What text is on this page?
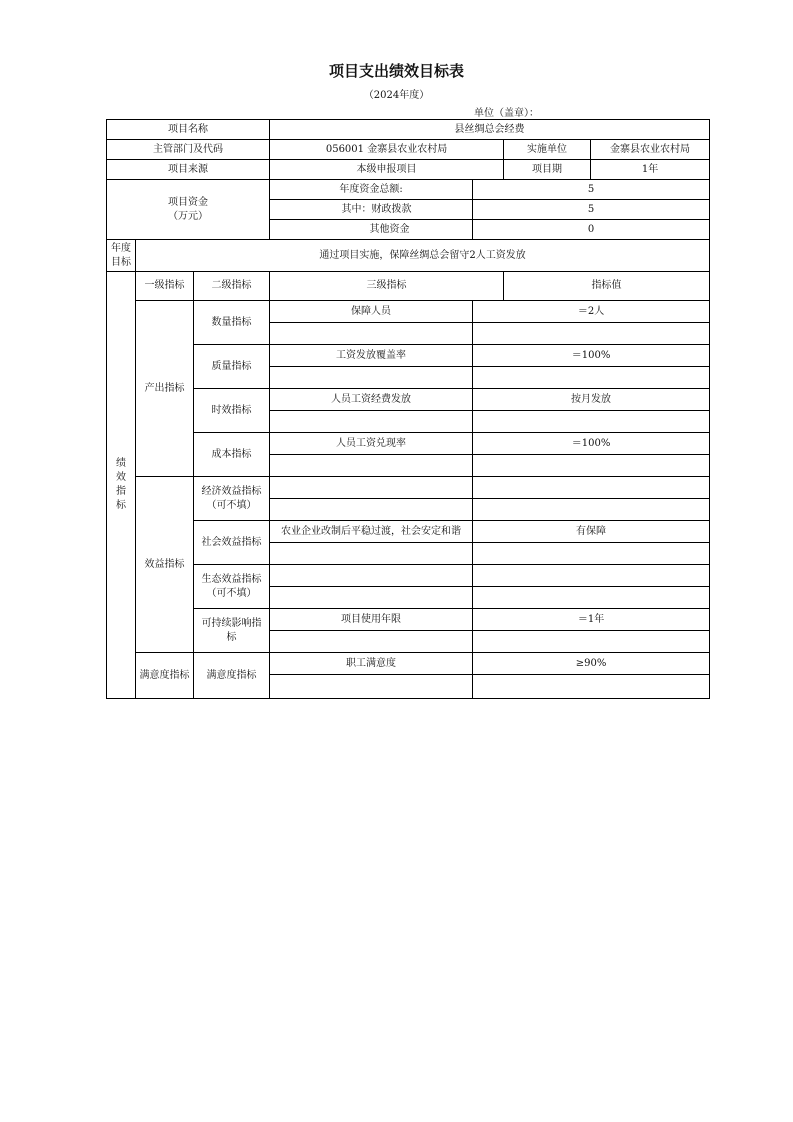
项目支出绩效目标表
（2024年度）
单位（盖章）：
项目名称			县丝绸总会经费			
主管部门及代码			056001 金寨县农业农村局		实施单位	金寨县农业农村局
项目来源			本级申报项目		项目期	1年
项目资金
（万元）			年度资金总额:	5		
			其中：财政拨款	5		
			其他资金	0		
年度
目标	通过项目实施，保障丝绸总会留守2人工资发放					
绩
效
指
标	一级指标	二级指标	三级指标		指标值	
	产出指标	数量指标	保障人员	＝2人		

		质量指标	工资发放覆盖率	＝100%		

		时效指标	人员工资经费发放	按月发放		

		成本指标	人员工资兑现率	＝100%		

	效益指标	经济效益指标
（可不填）				

		社会效益指标	农业企业改制后平稳过渡，社会安定和谐	有保障		

		生态效益指标
（可不填）				

		可持续影响指
标	项目使用年限	＝1年		

	满意度指标	满意度指标	职工满意度	≥90%		
